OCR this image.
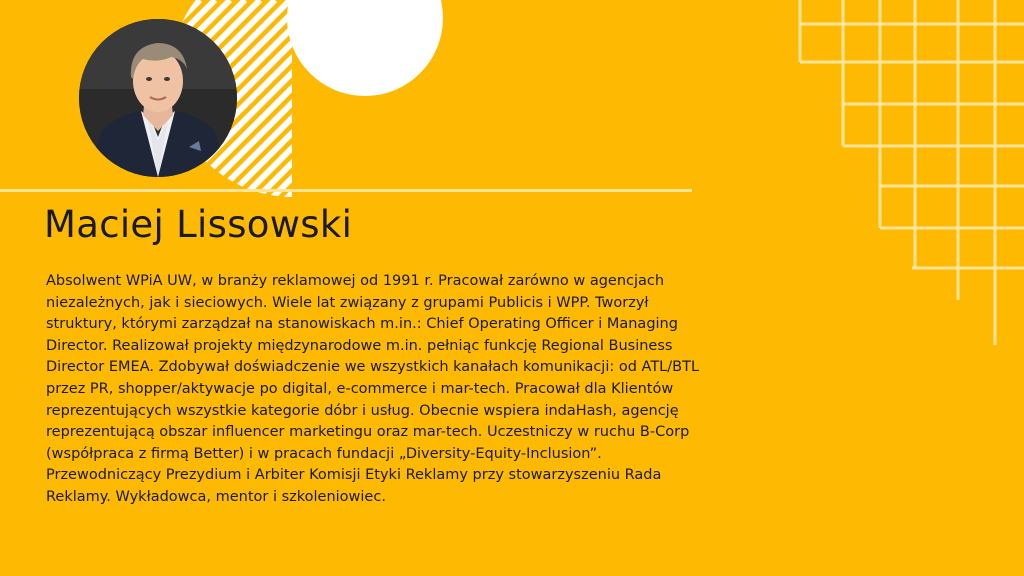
Maciej Lissowski

Absolwent WPiA UW, w branży reklamowej od 1991 r. Pracował zarówno w agencjach niezależnych, jak i sieciowych. Wiele lat związany z grupami Publicis i WPP. Tworzył struktury, którymi zarządzał na stanowiskach m.in.: Chief Operating Officer i Managing Director. Realizował projekty międzynarodowe m.in. pełniąc funkcję Regional Business Director EMEA. Zdobywał doświadczenie we wszystkich kanałach komunikacji: od ATL/BTL przez PR, shopper/aktywacje po digital, e-commerce i mar-tech. Pracował dla Klientów reprezentujących wszystkie kategorie dóbr i usług. Obecnie wspiera indaHash, agencję reprezentującą obszar influencer marketingu oraz mar-tech. Uczestniczy w ruchu B-Corp (współpraca z firmą Better) i w pracach fundacji „Diversity-Equity-Inclusion”. Przewodniczący Prezydium i Arbiter Komisji Etyki Reklamy przy stowarzyszeniu Rada Reklamy. Wykładowca, mentor i szkoleniowiec.
